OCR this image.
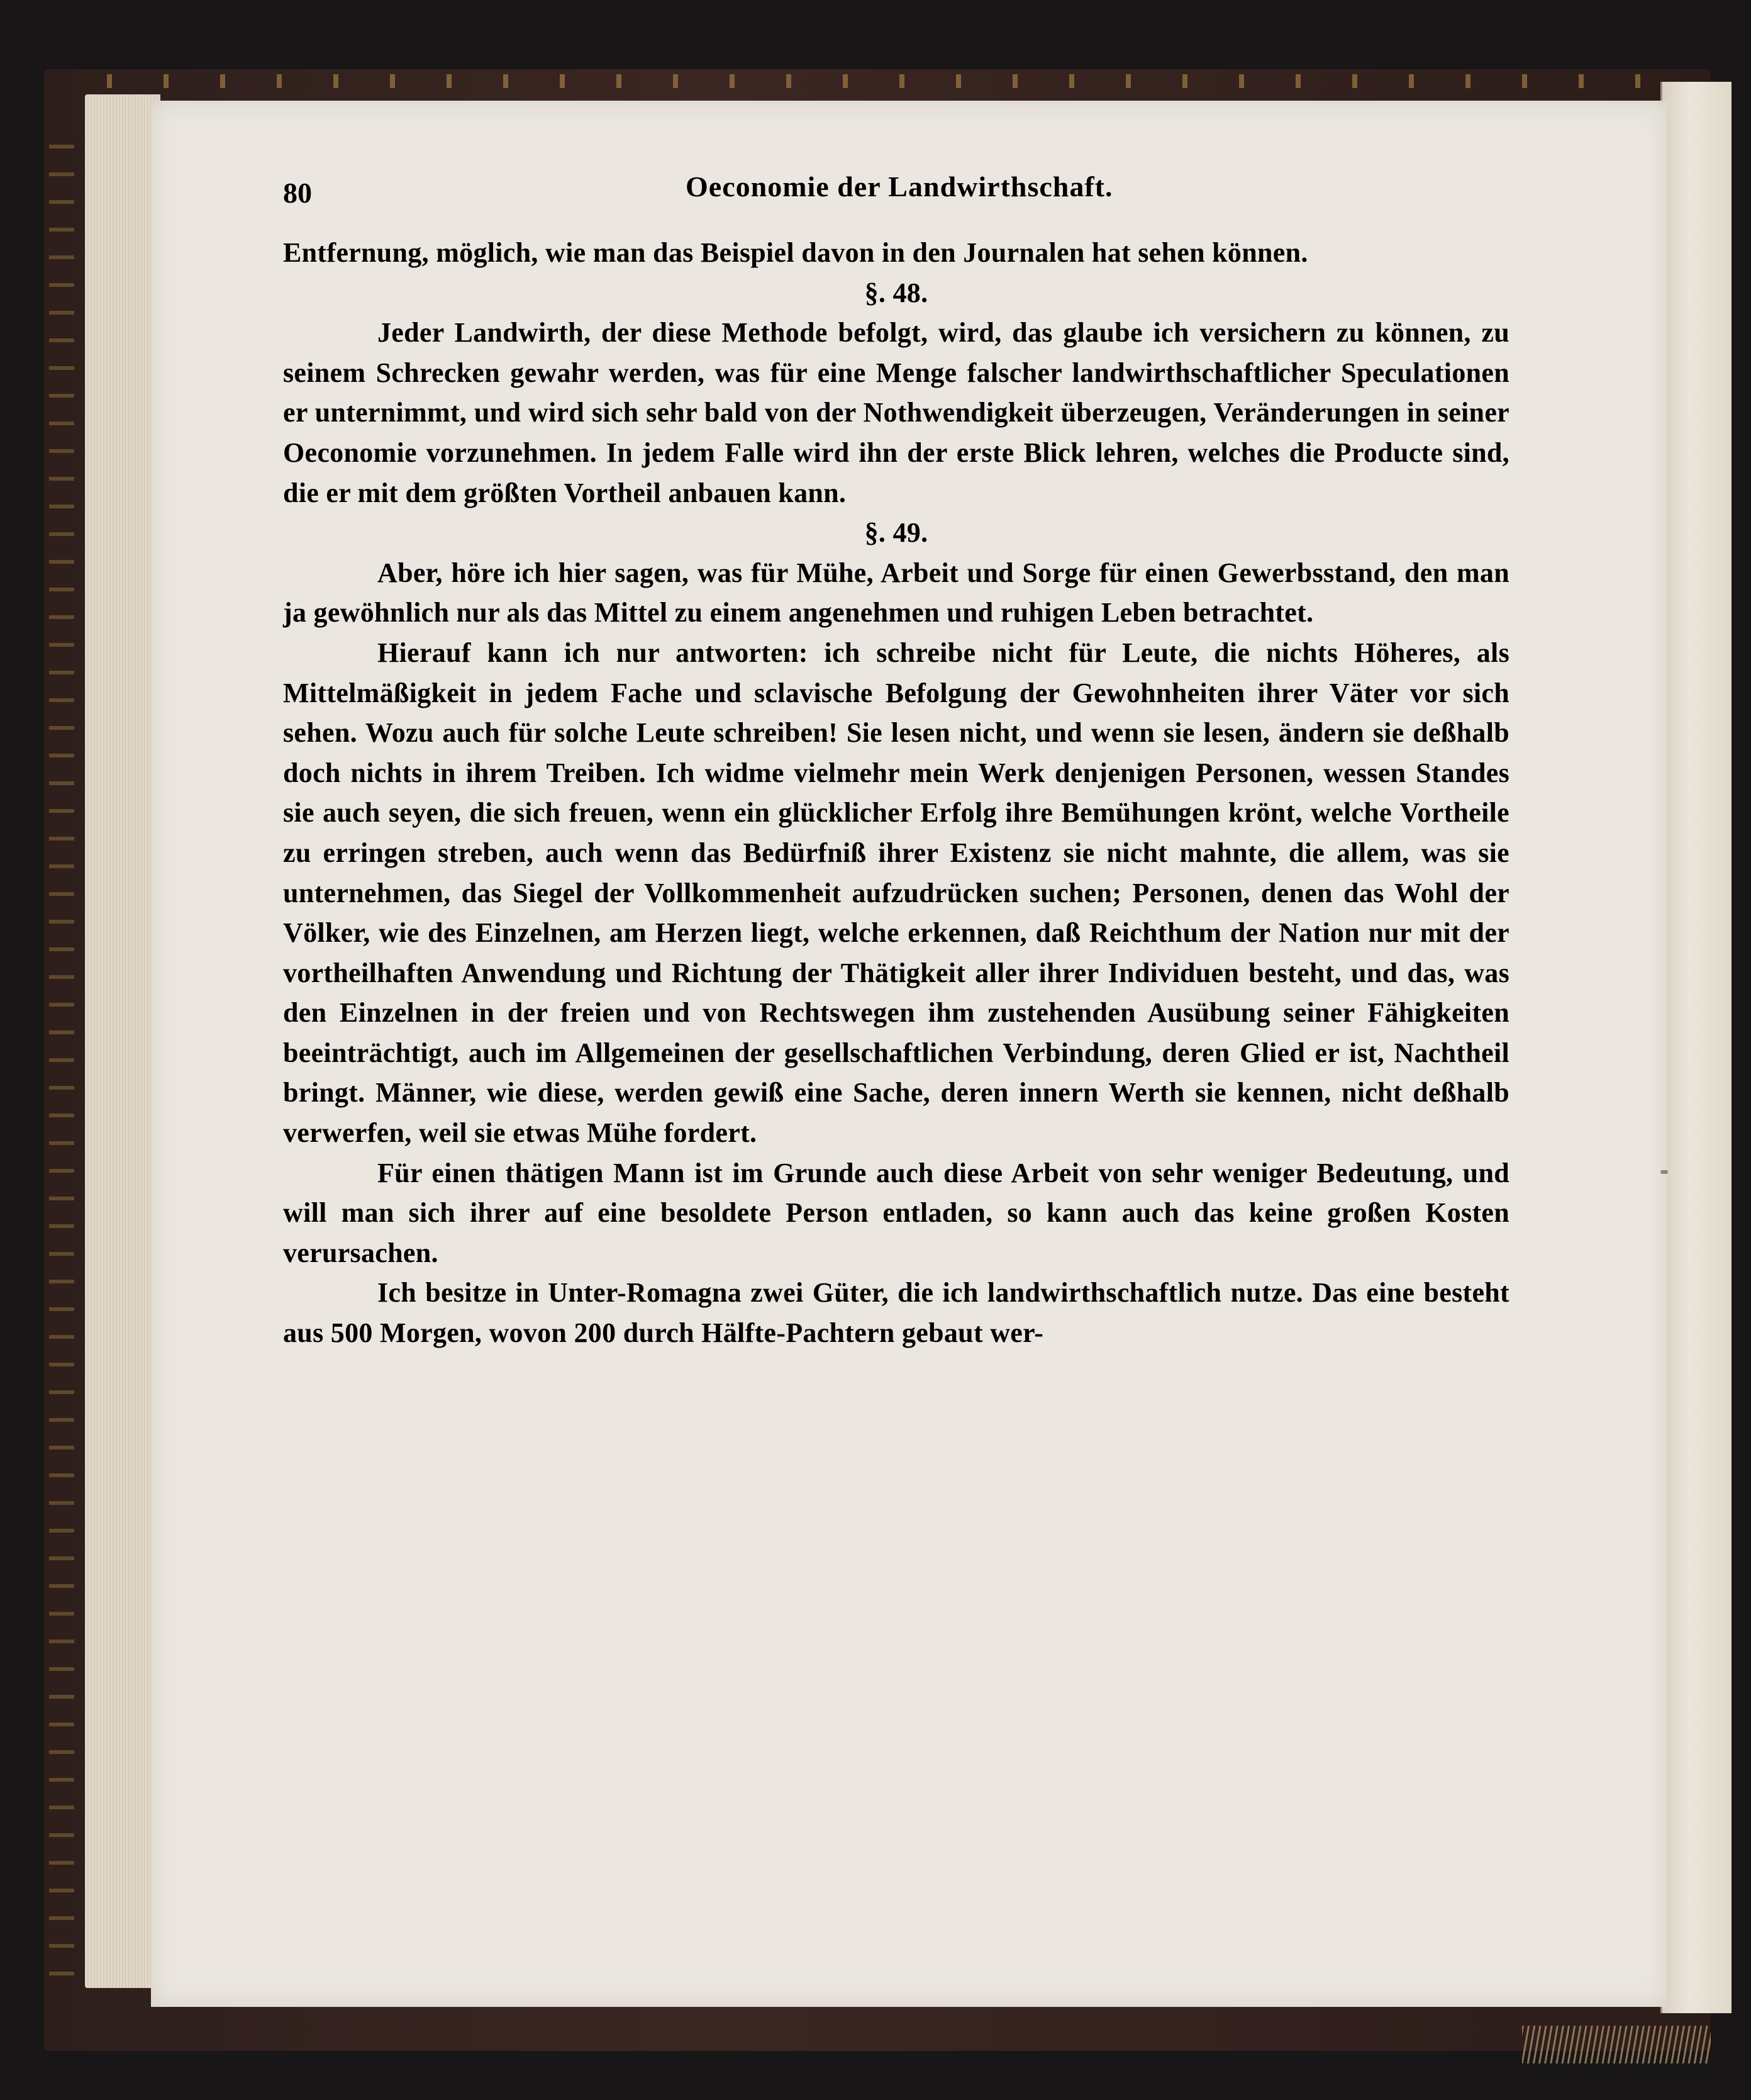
80	Oeconomie der Landwirthschaft.

Entfernung, möglich, wie man das Beispiel davon in den Journalen hat sehen können.

§. 48.

Jeder Landwirth, der diese Methode befolgt, wird, das glaube ich versichern zu können, zu seinem Schrecken gewahr werden, was für eine Menge falscher landwirthschaftlicher Speculationen er unternimmt, und wird sich sehr bald von der Nothwendigkeit überzeugen, Veränderungen in seiner Oeconomie vorzunehmen. In jedem Falle wird ihn der erste Blick lehren, welches die Producte sind, die er mit dem größten Vortheil anbauen kann.

§. 49.

Aber, höre ich hier sagen, was für Mühe, Arbeit und Sorge für einen Gewerbsstand, den man ja gewöhnlich nur als das Mittel zu einem angenehmen und ruhigen Leben betrachtet.

Hierauf kann ich nur antworten: ich schreibe nicht für Leute, die nichts Höheres, als Mittelmäßigkeit in jedem Fache und sclavische Befolgung der Gewohnheiten ihrer Väter vor sich sehen. Wozu auch für solche Leute schreiben! Sie lesen nicht, und wenn sie lesen, ändern sie deßhalb doch nichts in ihrem Treiben. Ich widme vielmehr mein Werk denjenigen Personen, wessen Standes sie auch seyen, die sich freuen, wenn ein glücklicher Erfolg ihre Bemühungen krönt, welche Vortheile zu erringen streben, auch wenn das Bedürfniß ihrer Existenz sie nicht mahnte, die allem, was sie unternehmen, das Siegel der Vollkommenheit aufzudrücken suchen; Personen, denen das Wohl der Völker, wie des Einzelnen, am Herzen liegt, welche erkennen, daß Reichthum der Nation nur mit der vortheilhaften Anwendung und Richtung der Thätigkeit aller ihrer Individuen besteht, und das, was den Einzelnen in der freien und von Rechtswegen ihm zustehenden Ausübung seiner Fähigkeiten beeinträchtigt, auch im Allgemeinen der gesellschaftlichen Verbindung, deren Glied er ist, Nachtheil bringt. Männer, wie diese, werden gewiß eine Sache, deren innern Werth sie kennen, nicht deßhalb verwerfen, weil sie etwas Mühe fordert.

Für einen thätigen Mann ist im Grunde auch diese Arbeit von sehr weniger Bedeutung, und will man sich ihrer auf eine besoldete Person entladen, so kann auch das keine großen Kosten verursachen.

Ich besitze in Unter-Romagna zwei Güter, die ich landwirthschaftlich nutze. Das eine besteht aus 500 Morgen, wovon 200 durch Hälfte-Pachtern gebaut wer-
